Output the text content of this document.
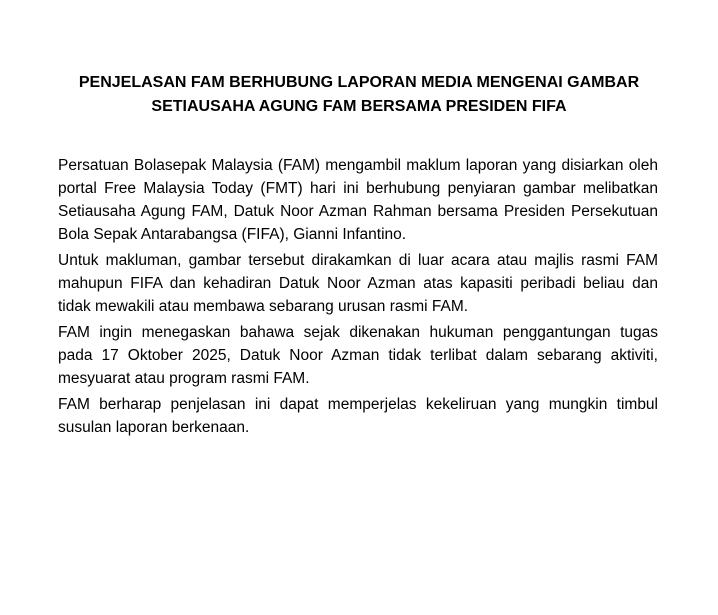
PENJELASAN FAM BERHUBUNG LAPORAN MEDIA MENGENAI GAMBAR
SETIAUSAHA AGUNG FAM BERSAMA PRESIDEN FIFA
Persatuan Bolasepak Malaysia (FAM) mengambil maklum laporan yang disiarkan oleh
portal Free Malaysia Today (FMT) hari ini berhubung penyiaran gambar melibatkan
Setiausaha Agung FAM, Datuk Noor Azman Rahman bersama Presiden Persekutuan
Bola Sepak Antarabangsa (FIFA), Gianni Infantino.
Untuk makluman, gambar tersebut dirakamkan di luar acara atau majlis rasmi FAM
mahupun FIFA dan kehadiran Datuk Noor Azman atas kapasiti peribadi beliau dan
tidak mewakili atau membawa sebarang urusan rasmi FAM.
FAM ingin menegaskan bahawa sejak dikenakan hukuman penggantungan tugas
pada 17 Oktober 2025, Datuk Noor Azman tidak terlibat dalam sebarang aktiviti,
mesyuarat atau program rasmi FAM.
FAM berharap penjelasan ini dapat memperjelas kekeliruan yang mungkin timbul
susulan laporan berkenaan.
